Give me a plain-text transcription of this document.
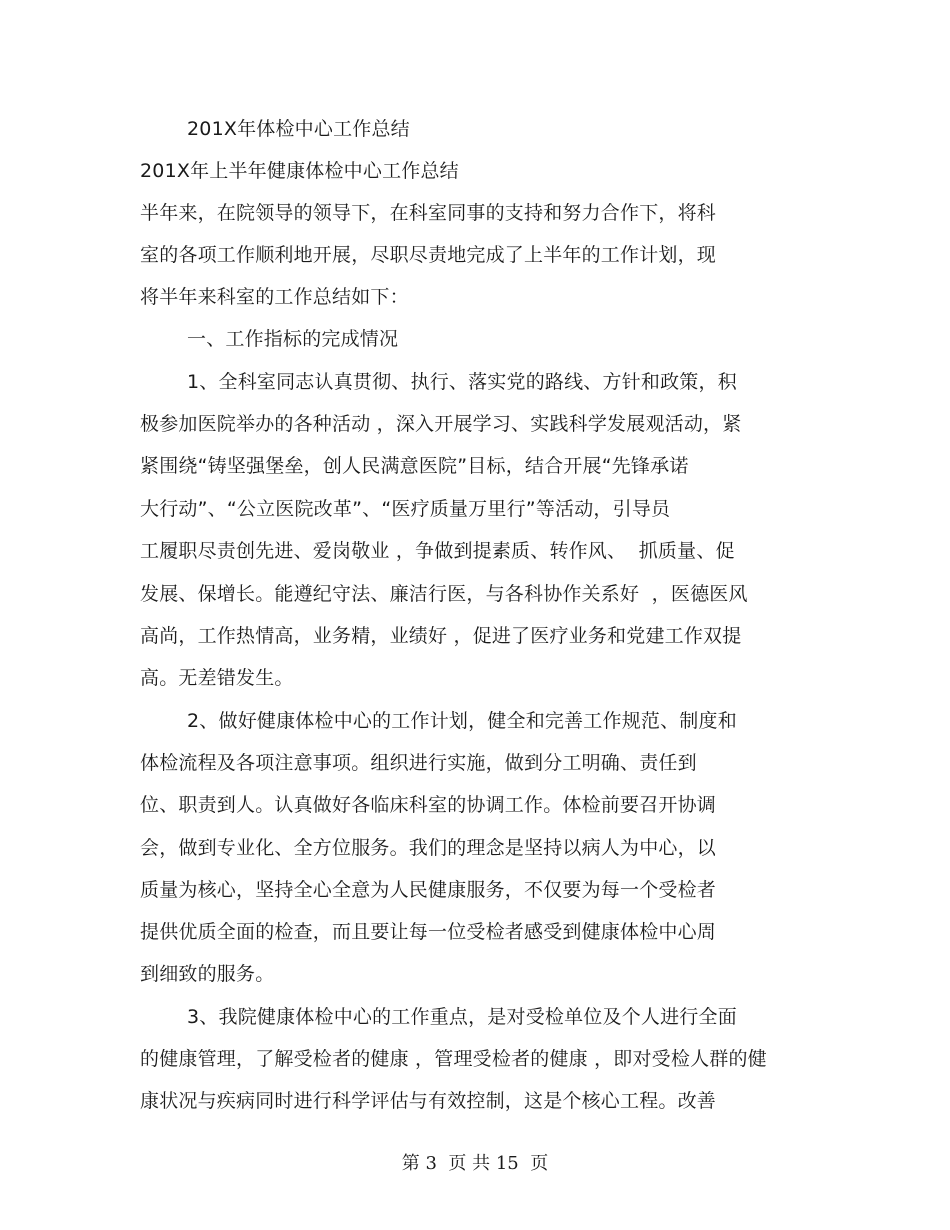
201X年体检中心工作总结
201X年上半年健康体检中心工作总结
半年来，在院领导的领导下，在科室同事的支持和努力合作下，将科
室的各项工作顺利地开展，尽职尽责地完成了上半年的工作计划，现
将半年来科室的工作总结如下：
一、工作指标的完成情况
1、全科室同志认真贯彻、执行、落实党的路线、方针和政策，积
极参加医院举办的各种活动 ，深入开展学习、实践科学发展观活动，紧
紧围绕“铸坚强堡垒，创人民满意医院”目标，结合开展“先锋承诺
大行动”、“公立医院改革”、“医疗质量万里行”等活动，引导员
工履职尽责创先进、爱岗敬业 ，争做到提素质、转作风、  抓质量、促
发展、保增长。能遵纪守法、廉洁行医，与各科协作关系好  ，医德医风
高尚，工作热情高，业务精，业绩好 ，促进了医疗业务和党建工作双提
高。无差错发生。
2、做好健康体检中心的工作计划，健全和完善工作规范、制度和
体检流程及各项注意事项。组织进行实施，做到分工明确、责任到
位、职责到人。认真做好各临床科室的协调工作。体检前要召开协调
会，做到专业化、全方位服务。我们的理念是坚持以病人为中心，以
质量为核心，坚持全心全意为人民健康服务，不仅要为每一个受检者
提供优质全面的检查，而且要让每一位受检者感受到健康体检中心周
到细致的服务。
3、我院健康体检中心的工作重点，是对受检单位及个人进行全面
的健康管理，了解受检者的健康 ，管理受检者的健康 ，即对受检人群的健
康状况与疾病同时进行科学评估与有效控制，这是个核心工程。改善
第 3  页 共 15  页
